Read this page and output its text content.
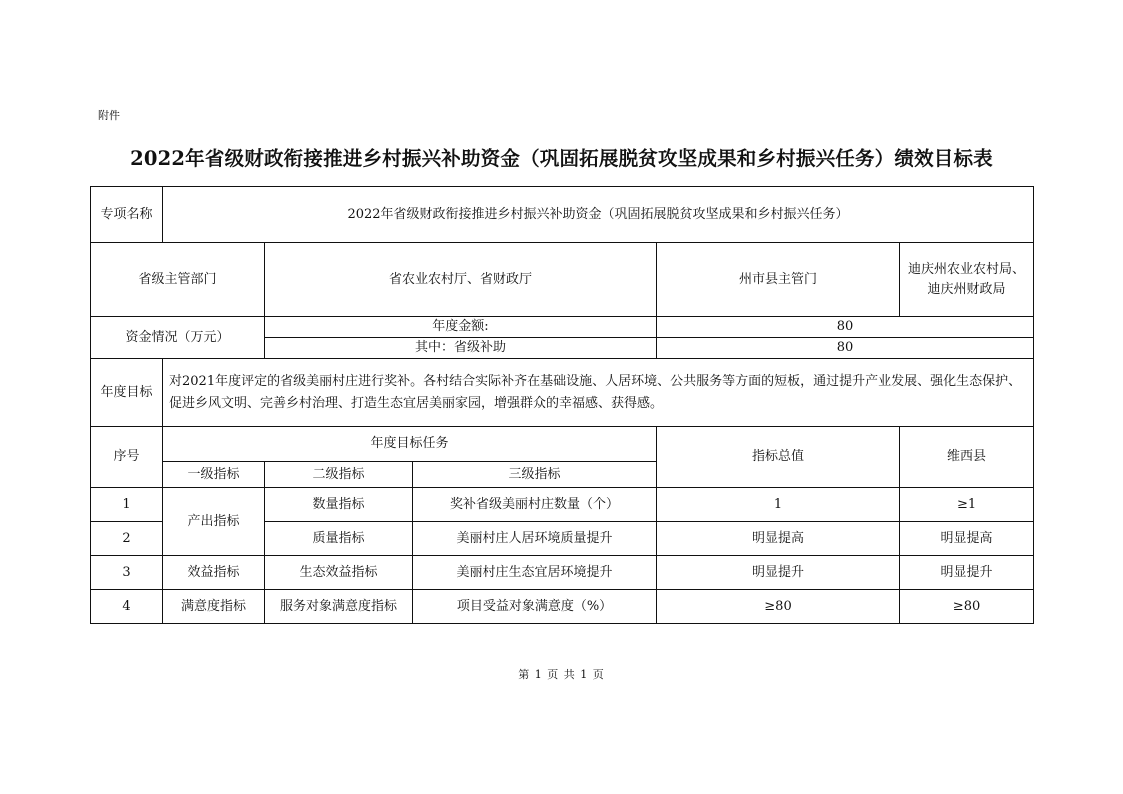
附件
2022年省级财政衔接推进乡村振兴补助资金（巩固拓展脱贫攻坚成果和乡村振兴任务）绩效目标表
专项名称	2022年省级财政衔接推进乡村振兴补助资金（巩固拓展脱贫攻坚成果和乡村振兴任务）				
省级主管部门		省农业农村厅、省财政厅		州市县主管门	迪庆州农业农村局、迪庆州财政局
资金情况（万元）		年度金额:		80	
		其中：省级补助		80	
年度目标	对2021年度评定的省级美丽村庄进行奖补。各村结合实际补齐在基础设施、人居环境、公共服务等方面的短板，通过提升产业发展、强化生态保护、促进乡风文明、完善乡村治理、打造生态宜居美丽家园，增强群众的幸福感、获得感。				
序号	年度目标任务			指标总值	维西县
	一级指标	二级指标	三级指标		
1	产出指标	数量指标	奖补省级美丽村庄数量（个）	1	≥1
2		质量指标	美丽村庄人居环境质量提升	明显提高	明显提高
3	效益指标	生态效益指标	美丽村庄生态宜居环境提升	明显提升	明显提升
4	满意度指标	服务对象满意度指标	项目受益对象满意度（%）	≥80	≥80
第 1 页 共 1 页
